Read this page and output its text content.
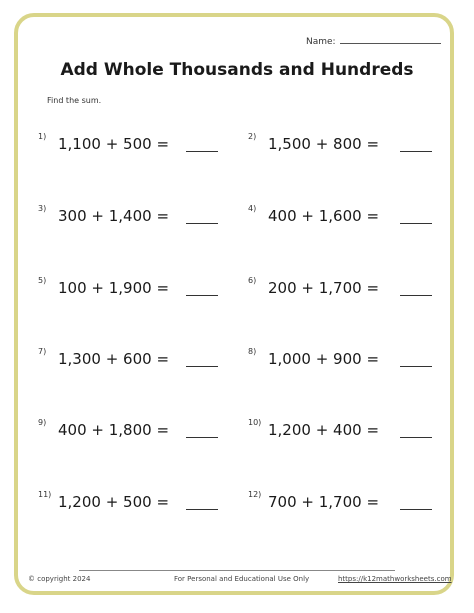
Name:
Add Whole Thousands and Hundreds
Find the sum.
1) 1,100 + 500 =
3) 300 + 1,400 =
5) 100 + 1,900 =
7) 1,300 + 600 =
9) 400 + 1,800 =
11) 1,200 + 500 =
2) 1,500 + 800 =
4) 400 + 1,600 =
6) 200 + 1,700 =
8) 1,000 + 900 =
10) 1,200 + 400 =
12) 700 + 1,700 =
© copyright 2024	For Personal and Educational Use Only	https://k12mathworksheets.com
